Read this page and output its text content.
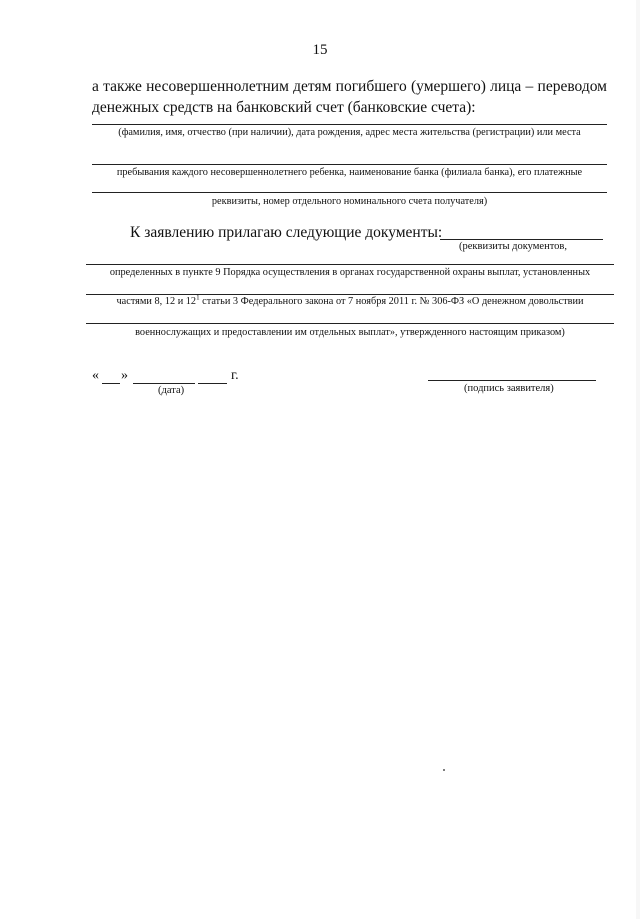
15
а также несовершеннолетним детям погибшего (умершего) лица – переводом
денежных средств на банковский счет (банковские счета):
(фамилия, имя, отчество (при наличии), дата рождения, адрес места жительства (регистрации) или места
пребывания каждого несовершеннолетнего ребенка, наименование банка (филиала банка), его платежные
реквизиты, номер отдельного номинального счета получателя)
К заявлению прилагаю следующие документы:
(реквизиты документов,
определенных в пункте 9 Порядка осуществления в органах государственной охраны выплат, установленных
частями 8, 12 и $12^1$ статьи 3 Федерального закона от 7 ноября 2011 г. № 306-ФЗ «О денежном довольствии
военнослужащих и предоставлении им отдельных выплат», утвержденного настоящим приказом)
« »	г.
(дата)	(подпись заявителя)
